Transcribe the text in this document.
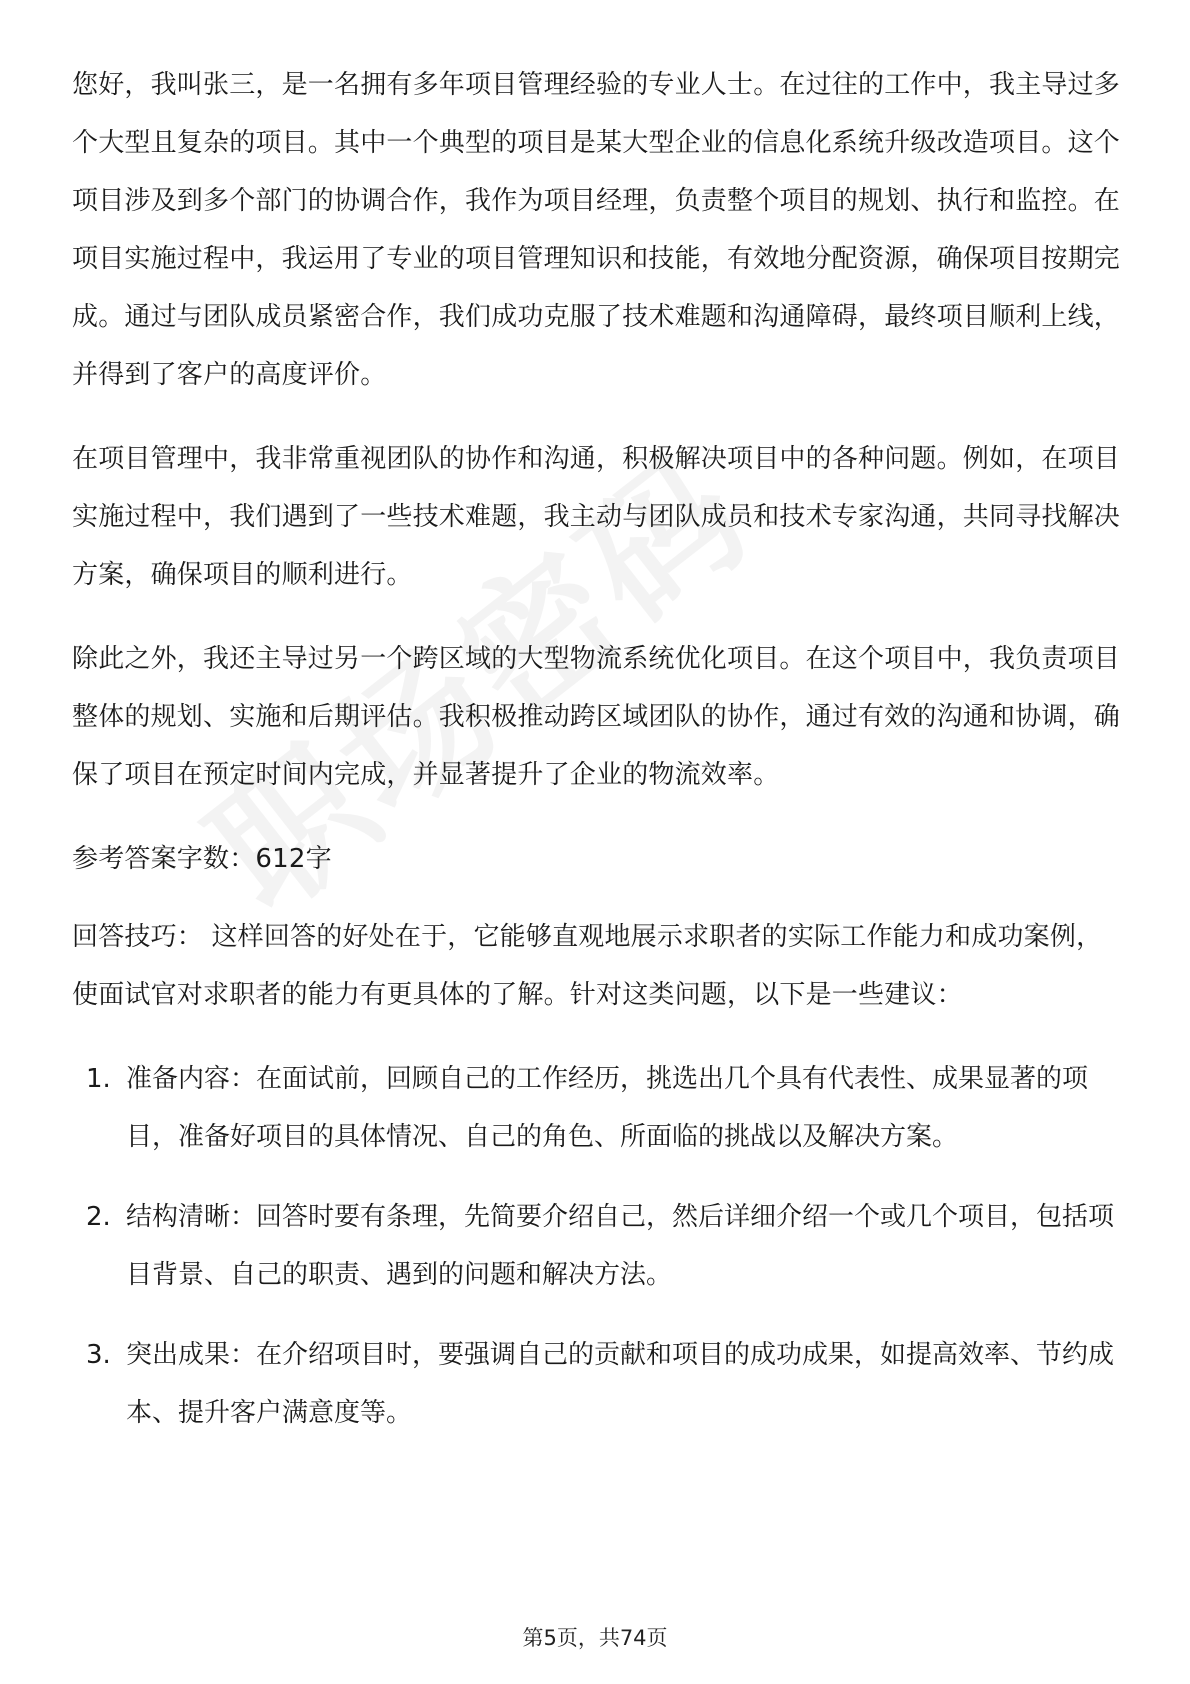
您好，我叫张三，是一名拥有多年项目管理经验的专业人士。在过往的工作中，我主导过多个大型且复杂的项目。其中一个典型的项目是某大型企业的信息化系统升级改造项目。这个项目涉及到多个部门的协调合作，我作为项目经理，负责整个项目的规划、执行和监控。在项目实施过程中，我运用了专业的项目管理知识和技能，有效地分配资源，确保项目按期完成。通过与团队成员紧密合作，我们成功克服了技术难题和沟通障碍，最终项目顺利上线，并得到了客户的高度评价。

在项目管理中，我非常重视团队的协作和沟通，积极解决项目中的各种问题。例如，在项目实施过程中，我们遇到了一些技术难题，我主动与团队成员和技术专家沟通，共同寻找解决方案，确保项目的顺利进行。

除此之外，我还主导过另一个跨区域的大型物流系统优化项目。在这个项目中，我负责项目整体的规划、实施和后期评估。我积极推动跨区域团队的协作，通过有效的沟通和协调，确保了项目在预定时间内完成，并显著提升了企业的物流效率。

参考答案字数：612字

回答技巧： 这样回答的好处在于，它能够直观地展示求职者的实际工作能力和成功案例，使面试官对求职者的能力有更具体的了解。针对这类问题，以下是一些建议：

1. 准备内容：在面试前，回顾自己的工作经历，挑选出几个具有代表性、成果显著的项目，准备好项目的具体情况、自己的角色、所面临的挑战以及解决方案。
2. 结构清晰：回答时要有条理，先简要介绍自己，然后详细介绍一个或几个项目，包括项目背景、自己的职责、遇到的问题和解决方法。
3. 突出成果：在介绍项目时，要强调自己的贡献和项目的成功成果，如提高效率、节约成本、提升客户满意度等。
第5页，共74页
